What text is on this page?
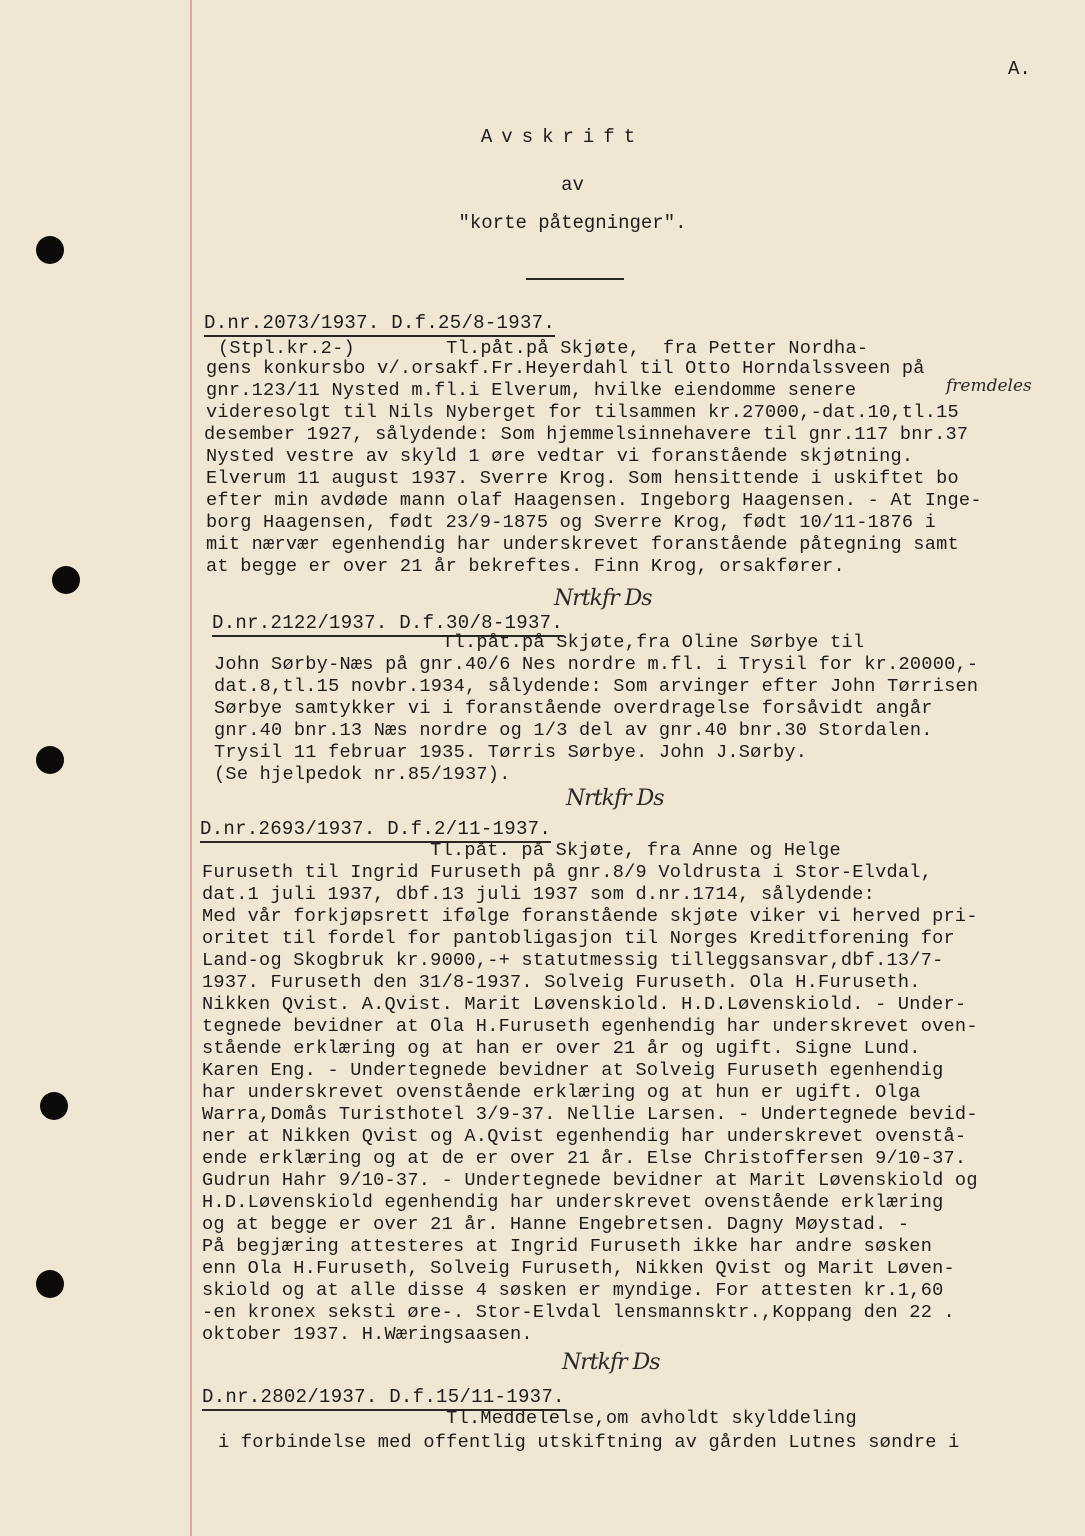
A.
Avskrift
av
"korte påtegninger".
D.nr.2073/1937. D.f.25/8-1937.
(Stpl.kr.2-)        Tl.påt.på Skjøte,  fra Petter Nordha-
gens konkursbo v/.orsakf.Fr.Heyerdahl til Otto Horndalssveen på
gnr.123/11 Nysted m.fl.i Elverum, hvilke eiendomme senere	fremdeles
videresolgt til Nils Nyberget for tilsammen kr.27000,-dat.10,tl.15
desember 1927, sålydende: Som hjemmelsinnehavere til gnr.117 bnr.37
Nysted vestre av skyld 1 øre vedtar vi foranstående skjøtning.
Elverum 11 august 1937. Sverre Krog. Som hensittende i uskiftet bo
efter min avdøde mann olaf Haagensen. Ingeborg Haagensen. - At Inge-
borg Haagensen, født 23/9-1875 og Sverre Krog, født 10/11-1876 i
mit nærvær egenhendig har underskrevet foranstående påtegning samt
at begge er over 21 år bekreftes. Finn Krog, orsakfører.
Nrtkfr Ds
D.nr.2122/1937. D.f.30/8-1937.
Tl.påt.på Skjøte,fra Oline Sørbye til
John Sørby-Næs på gnr.40/6 Nes nordre m.fl. i Trysil for kr.20000,-
dat.8,tl.15 novbr.1934, sålydende: Som arvinger efter John Tørrisen
Sørbye samtykker vi i foranstående overdragelse forsåvidt angår
gnr.40 bnr.13 Næs nordre og 1/3 del av gnr.40 bnr.30 Stordalen.
Trysil 11 februar 1935. Tørris Sørbye. John J.Sørby.
(Se hjelpedok nr.85/1937).
Nrtkfr Ds
D.nr.2693/1937. D.f.2/11-1937.
Tl.påt. på Skjøte, fra Anne og Helge
Furuseth til Ingrid Furuseth på gnr.8/9 Voldrusta i Stor-Elvdal,
dat.1 juli 1937, dbf.13 juli 1937 som d.nr.1714, sålydende:
Med vår forkjøpsrett ifølge foranstående skjøte viker vi herved pri-
oritet til fordel for pantobligasjon til Norges Kreditforening for
Land-og Skogbruk kr.9000,-+ statutmessig tilleggsansvar,dbf.13/7-
1937. Furuseth den 31/8-1937. Solveig Furuseth. Ola H.Furuseth.
Nikken Qvist. A.Qvist. Marit Løvenskiold. H.D.Løvenskiold. - Under-
tegnede bevidner at Ola H.Furuseth egenhendig har underskrevet oven-
stående erklæring og at han er over 21 år og ugift. Signe Lund.
Karen Eng. - Undertegnede bevidner at Solveig Furuseth egenhendig
har underskrevet ovenstående erklæring og at hun er ugift. Olga
Warra,Domås Turisthotel 3/9-37. Nellie Larsen. - Undertegnede bevid-
ner at Nikken Qvist og A.Qvist egenhendig har underskrevet ovenstå-
ende erklæring og at de er over 21 år. Else Christoffersen 9/10-37.
Gudrun Hahr 9/10-37. - Undertegnede bevidner at Marit Løvenskiold og
H.D.Løvenskiold egenhendig har underskrevet ovenstående erklæring
og at begge er over 21 år. Hanne Engebretsen. Dagny Møystad. -
På begjæring attesteres at Ingrid Furuseth ikke har andre søsken
enn Ola H.Furuseth, Solveig Furuseth, Nikken Qvist og Marit Løven-
skiold og at alle disse 4 søsken er myndige. For attesten kr.1,60
-en kronex seksti øre-. Stor-Elvdal lensmannsktr.,Koppang den 22 .
oktober 1937. H.Wæringsaasen.
Nrtkfr Ds
D.nr.2802/1937. D.f.15/11-1937.
Tl.Meddelelse,om avholdt skylddeling
i forbindelse med offentlig utskiftning av gården Lutnes søndre i
